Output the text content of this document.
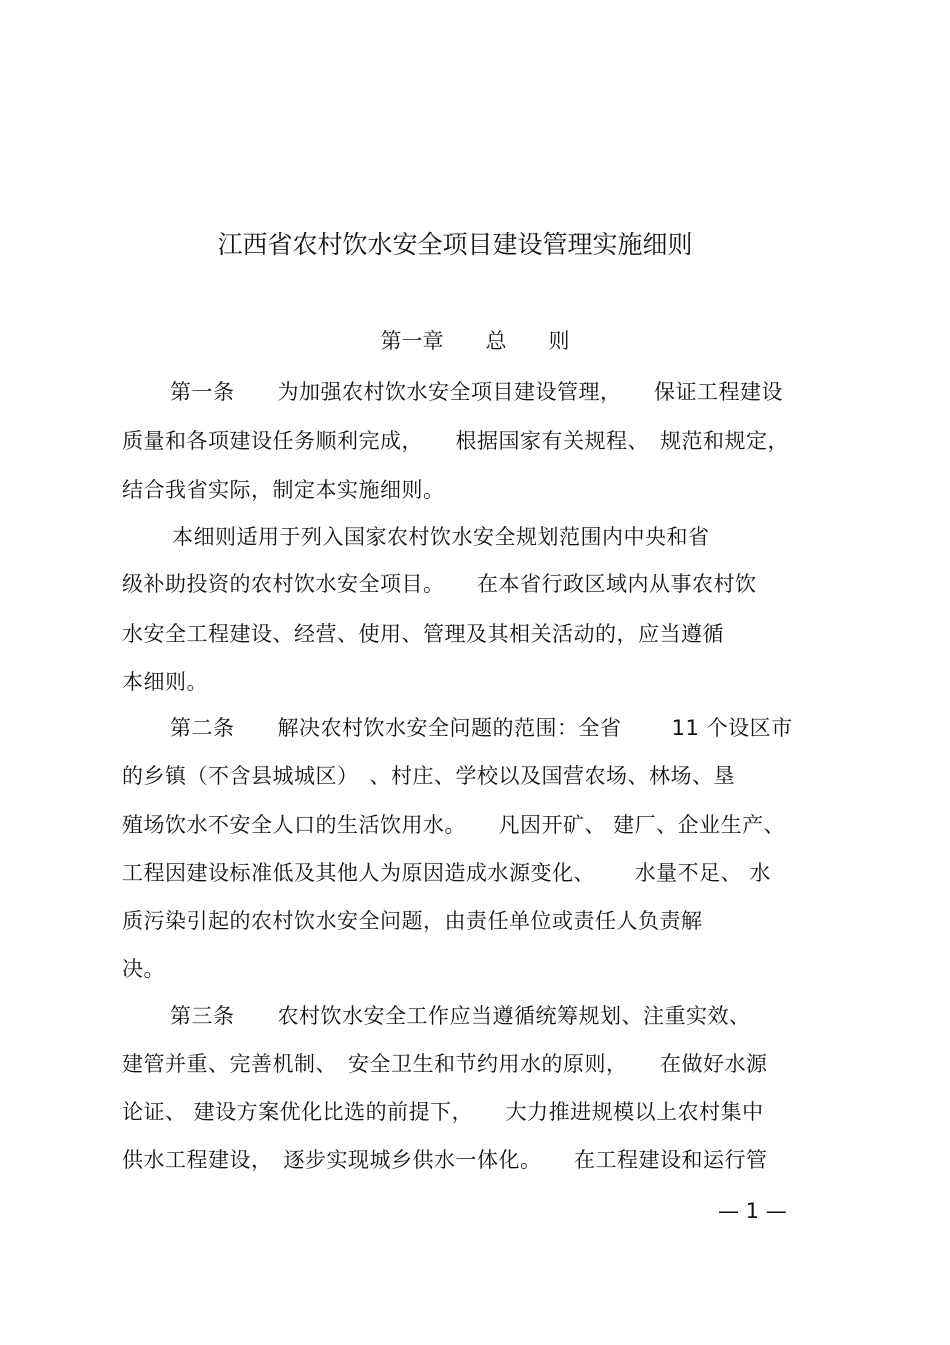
江西省农村饮水安全项目建设管理实施细则
第一章　　总　　则
第一条　　为加强农村饮水安全项目建设管理，　　保证工程建设
质量和各项建设任务顺利完成，　　根据国家有关规程、　规范和规定，
结合我省实际，制定本实施细则。
本细则适用于列入国家农村饮水安全规划范围内中央和省
级补助投资的农村饮水安全项目。　　在本省行政区域内从事农村饮
水安全工程建设、经营、使用、管理及其相关活动的，应当遵循
本细则。
第二条　　解决农村饮水安全问题的范围：全省　　 11 个设区市
的乡镇（不含县城城区）　、村庄、学校以及国营农场、林场、垦
殖场饮水不安全人口的生活饮用水。　　凡因开矿、 建厂、企业生产、
工程因建设标准低及其他人为原因造成水源变化、　　 水量不足、 水
质污染引起的农村饮水安全问题，由责任单位或责任人负责解
决。
第三条　　农村饮水安全工作应当遵循统筹规划、注重实效、
建管并重、完善机制、　安全卫生和节约用水的原则，　　在做好水源
论证、 建设方案优化比选的前提下，　　大力推进规模以上农村集中
供水工程建设，　逐步实现城乡供水一体化。　　在工程建设和运行管
— 1 —
